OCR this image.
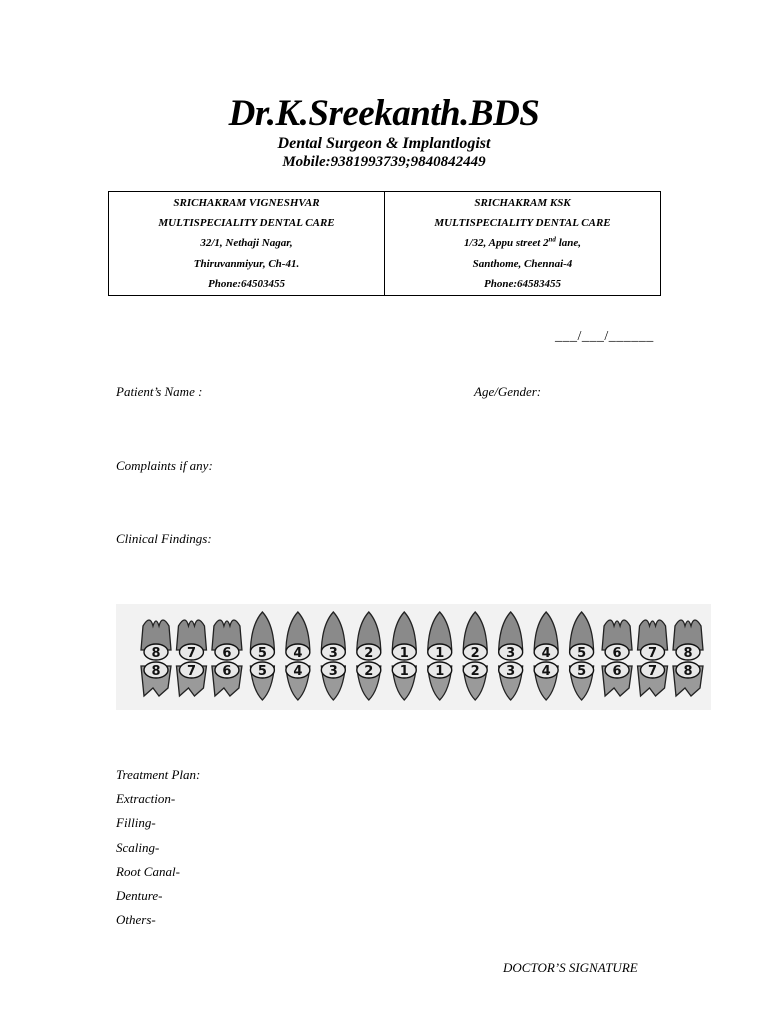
Dr.K.Sreekanth.BDS
Dental Surgeon & Implantlogist
Mobile:9381993739;9840842449
SRICHAKRAM VIGNESHVAR
MULTISPECIALITY DENTAL CARE
32/1, Nethaji Nagar,
Thiruvanmiyur, Ch-41.
Phone:64503455
SRICHAKRAM KSK
MULTISPECIALITY DENTAL CARE
1/32, Appu street 2nd lane,
Santhome, Chennai-4
Phone:64583455
___/___/______
Patient’s Name :	Age/Gender:
Complaints if any:
Clinical Findings:
8
8
7
7
6
6
5
5
4
4
3
3
2
2
1
1
1
1
2
2
3
3
4
4
5
5
6
6
7
7
8
8
Treatment Plan:
Extraction-
Filling-
Scaling-
Root Canal-
Denture-
Others-
DOCTOR’S SIGNATURE
